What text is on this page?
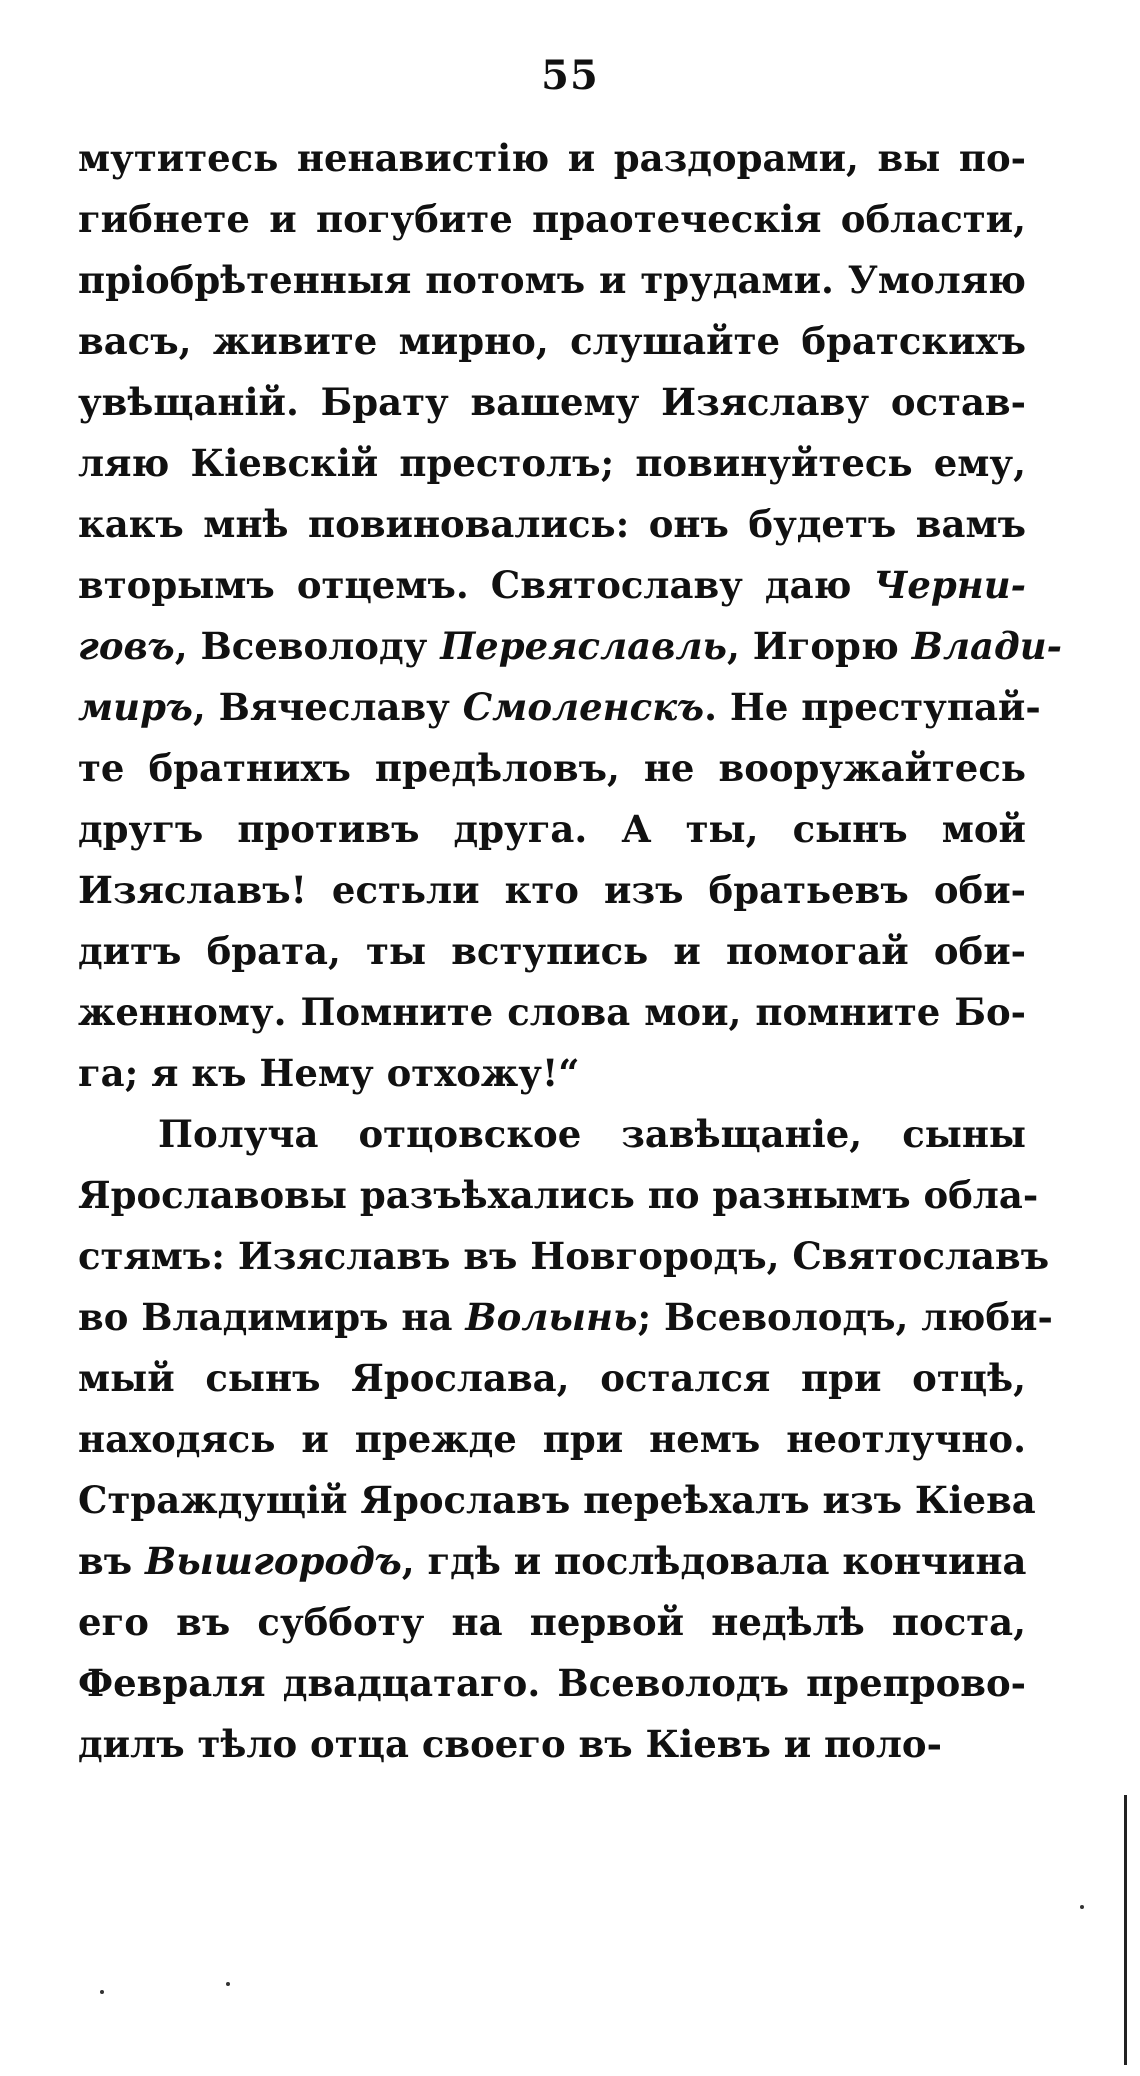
55
мутитесь ненавистiю и раздорами, вы по-
гибнете и погубите праотеческiя области,
прiобрѣтенныя потомъ и трудами. Умоляю
васъ, живите мирно, слушайте братскихъ
увѣщанiй. Брату вашему Изяславу остав-
ляю Кiевскiй престолъ; повинуйтесь ему,
какъ мнѣ повиновались: онъ будетъ вамъ
вторымъ отцемъ. Святославу даю Черни-
говъ, Всеволоду Переяславль, Игорю Влади-
миръ, Вячеславу Смоленскъ. Не преступай-
те братнихъ предѣловъ, не вооружайтесь
другъ противъ друга. А ты, сынъ мой
Изяславъ! естьли кто изъ братьевъ оби-
дитъ брата, ты вступись и помогай оби-
женному. Помните слова мои, помните Бо-
га; я къ Нему отхожу!“
Получа отцовское завѣщанiе, сыны
Ярославовы разъѣхались по разнымъ обла-
стямъ: Изяславъ въ Новгородъ, Святославъ
во Владимиръ на Волынь; Всеволодъ, люби-
мый сынъ Ярослава, остался при отцѣ,
находясь и прежде при немъ неотлучно.
Страждущiй Ярославъ переѣхалъ изъ Кiева
въ Вышгородъ, гдѣ и послѣдовала кончина
его въ субботу на первой недѣлѣ поста,
Февраля двадцатаго. Всеволодъ препрово-
дилъ тѣло отца своего въ Кiевъ и поло-
